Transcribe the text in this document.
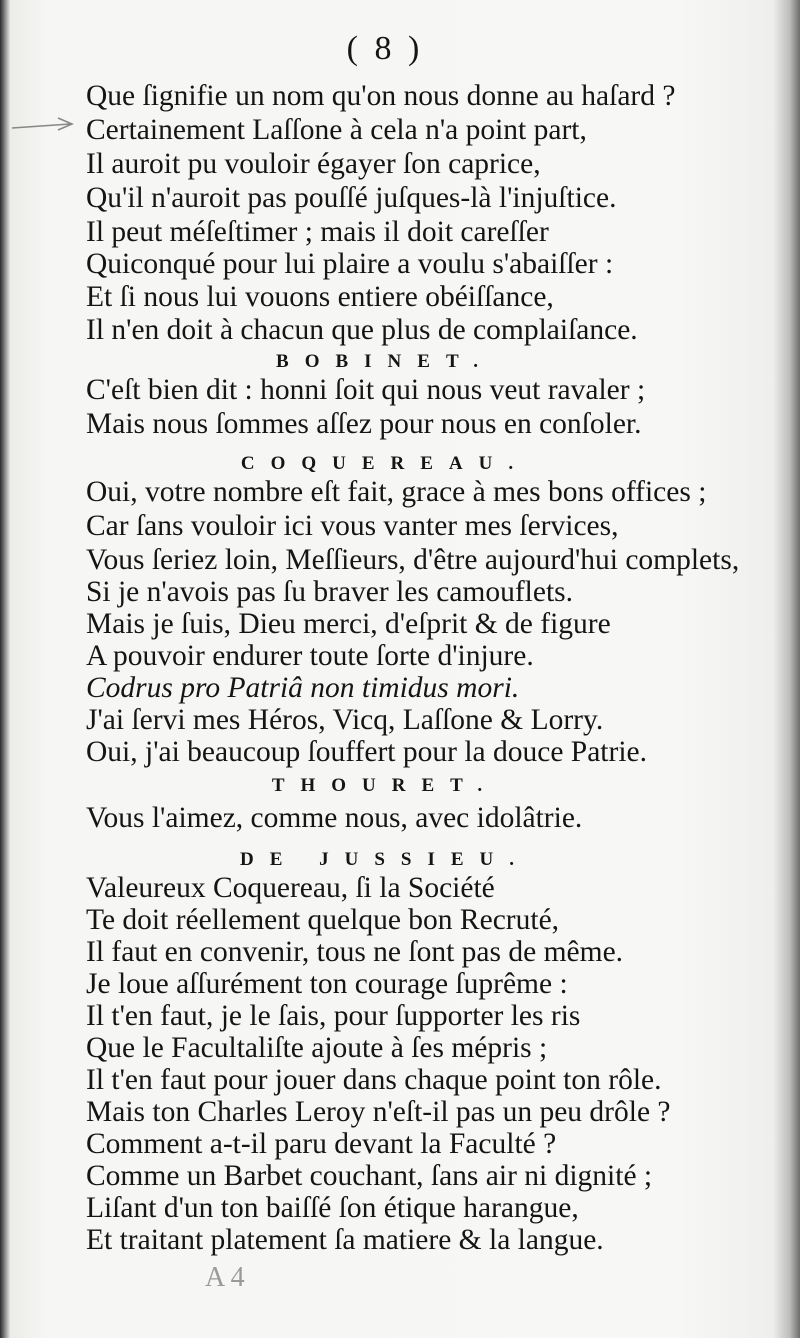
( 8 )
Que ſignifie un nom qu'on nous donne au haſard ?
Certainement Laſſone à cela n'a point part,
Il auroit pu vouloir égayer ſon caprice,
Qu'il n'auroit pas pouſſé juſques-là l'injuſtice.
Il peut méſeſtimer ; mais il doit careſſer
Quiconqué pour lui plaire a voulu s'abaiſſer :
Et ſi nous lui vouons entiere obéiſſance,
Il n'en doit à chacun que plus de complaiſance.
BOBINET.
C'eſt bien dit : honni ſoit qui nous veut ravaler ;
Mais nous ſommes aſſez pour nous en conſoler.
COQUEREAU.
Oui, votre nombre eſt fait, grace à mes bons offices ;
Car ſans vouloir ici vous vanter mes ſervices,
Vous ſeriez loin, Meſſieurs, d'être aujourd'hui complets,
Si je n'avois pas ſu braver les camouflets.
Mais je ſuis, Dieu merci, d'eſprit & de figure
A pouvoir endurer toute ſorte d'injure.
Codrus pro Patriâ non timidus mori.
J'ai ſervi mes Héros, Vicq, Laſſone & Lorry.
Oui, j'ai beaucoup ſouffert pour la douce Patrie.
THOURET.
Vous l'aimez, comme nous, avec idolâtrie.
DE JUSSIEU.
Valeureux Coquereau, ſi la Société
Te doit réellement quelque bon Recruté,
Il faut en convenir, tous ne ſont pas de même.
Je loue aſſurément ton courage ſuprême :
Il t'en faut, je le ſais, pour ſupporter les ris
Que le Facultaliſte ajoute à ſes mépris ;
Il t'en faut pour jouer dans chaque point ton rôle.
Mais ton Charles Leroy n'eſt-il pas un peu drôle ?
Comment a-t-il paru devant la Faculté ?
Comme un Barbet couchant, ſans air ni dignité ;
Liſant d'un ton baiſſé ſon étique harangue,
Et traitant platement ſa matiere & la langue.
A 4
